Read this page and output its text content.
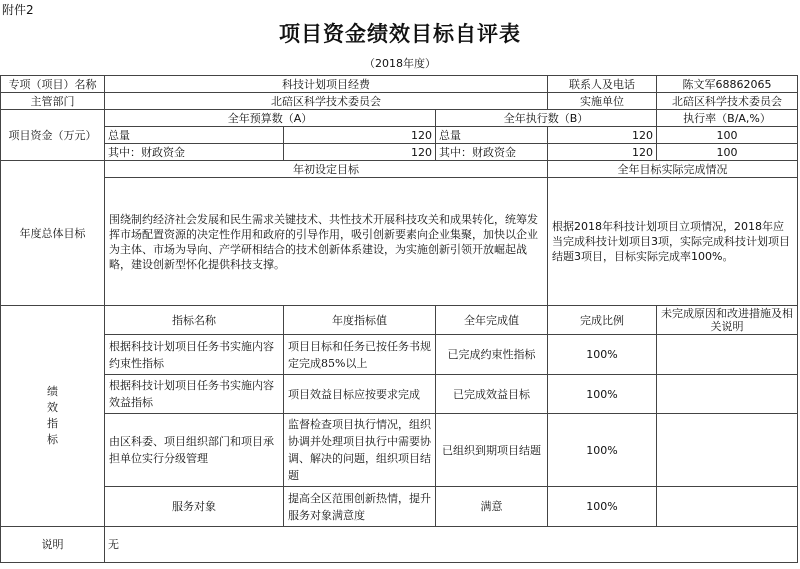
附件2
项目资金绩效目标自评表
（2018年度）
专项（项目）名称	科技计划项目经费			联系人及电话	陈文军68862065
主管部门	北碚区科学技术委员会			实施单位	北碚区科学技术委员会
项目资金（万元）	全年预算数（A）		全年执行数（B）		执行率（B/A,%）
	总量	120	总量	120	100
	其中：财政资金	120	其中：财政资金	120	100
年度总体目标	年初设定目标			全年目标实际完成情况	
	围绕制约经济社会发展和民生需求关键技术、共性技术开展科技攻关和成果转化，统筹发挥市场配置资源的决定性作用和政府的引导作用，吸引创新要素向企业集聚，加快以企业为主体、市场为导向、产学研相结合的技术创新体系建设，为实施创新引领开放崛起战略，建设创新型怀化提供科技支撑。			根据2018年科技计划项目立项情况，2018年应当完成科技计划项目3项，实际完成科技计划项目结题3项目，目标实际完成率100%。	
绩效指标	指标名称	年度指标值	全年完成值	完成比例	未完成原因和改进措施及相关说明
	根据科技计划项目任务书实施内容约束性指标	项目目标和任务已按任务书规定完成85%以上	已完成约束性指标	100%	
	根据科技计划项目任务书实施内容效益指标	项目效益目标应按要求完成	已完成效益目标	100%	
	由区科委、项目组织部门和项目承担单位实行分级管理	监督检查项目执行情况，组织协调并处理项目执行中需要协调、解决的问题，组织项目结题	已组织到期项目结题	100%	
	服务对象	提高全区范围创新热情，提升服务对象满意度	满意	100%	
说明	无				
